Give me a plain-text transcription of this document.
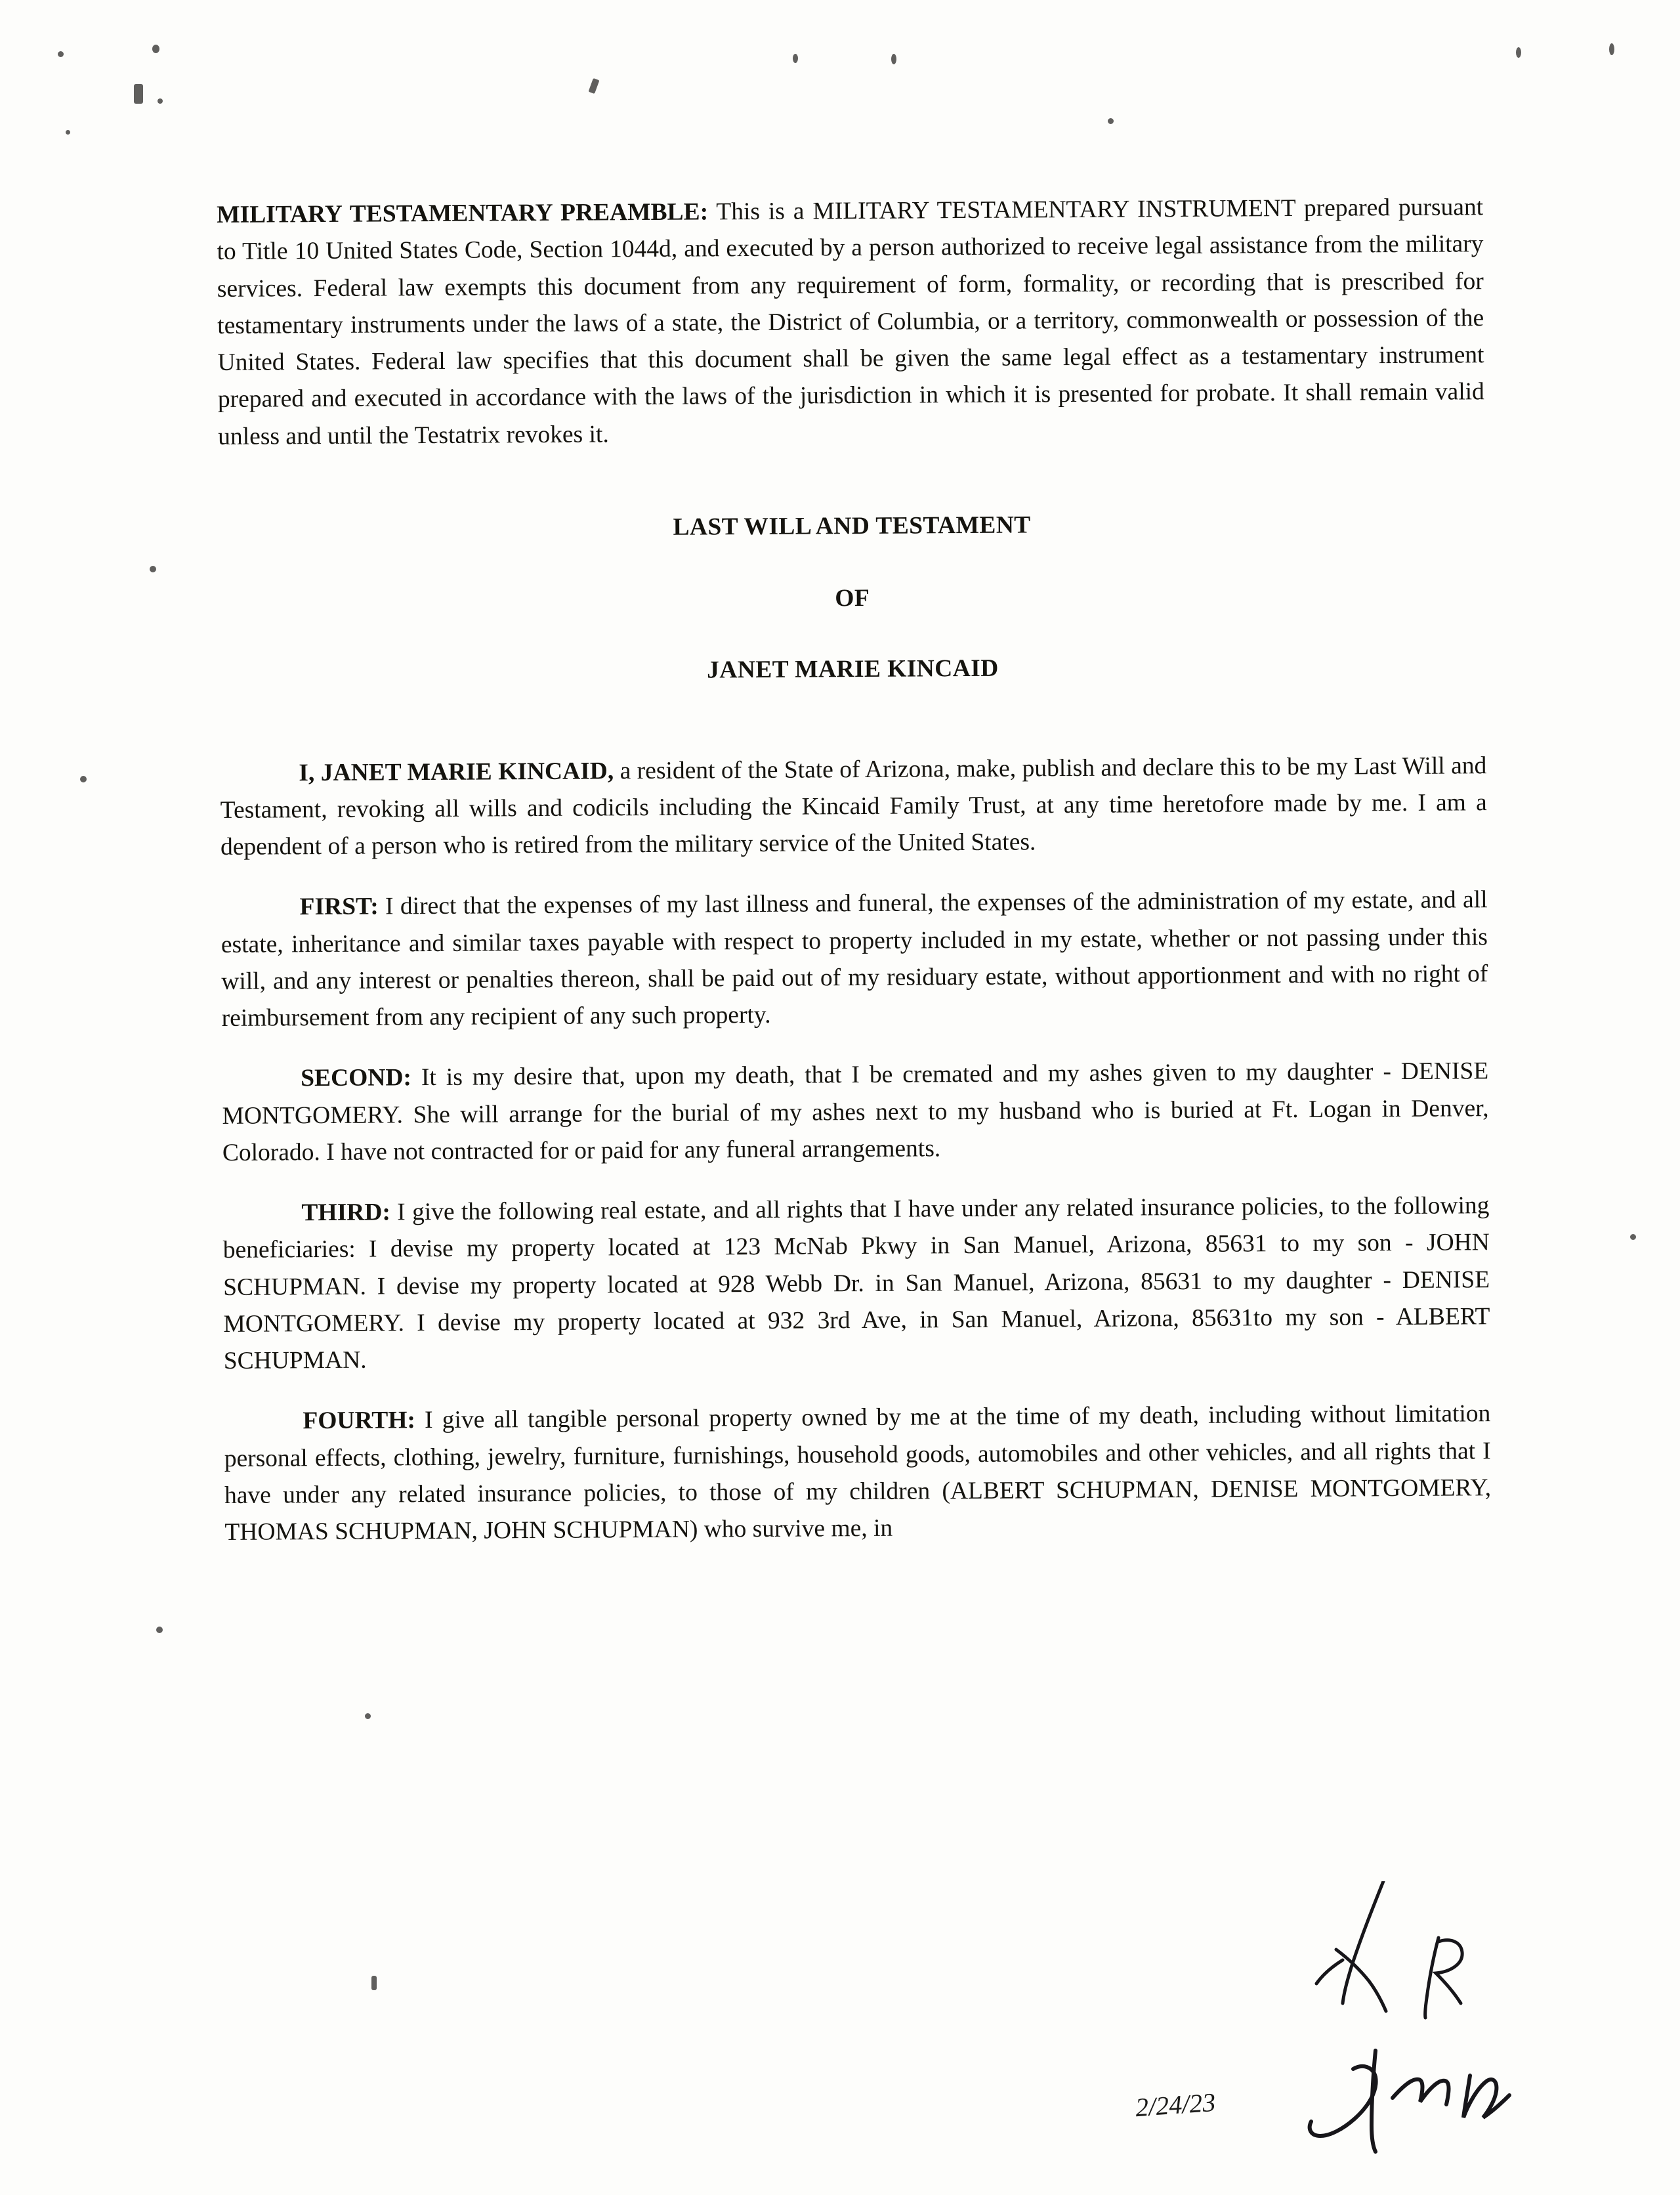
MILITARY TESTAMENTARY PREAMBLE: This is a MILITARY TESTAMENTARY INSTRUMENT prepared pursuant to Title 10 United States Code, Section 1044d, and executed by a person authorized to receive legal assistance from the military services. Federal law exempts this document from any requirement of form, formality, or recording that is prescribed for testamentary instruments under the laws of a state, the District of Columbia, or a territory, commonwealth or possession of the United States. Federal law specifies that this document shall be given the same legal effect as a testamentary instrument prepared and executed in accordance with the laws of the jurisdiction in which it is presented for probate. It shall remain valid unless and until the Testatrix revokes it.

LAST WILL AND TESTAMENT
OF
JANET MARIE KINCAID

I, JANET MARIE KINCAID, a resident of the State of Arizona, make, publish and declare this to be my Last Will and Testament, revoking all wills and codicils including the Kincaid Family Trust, at any time heretofore made by me. I am a dependent of a person who is retired from the military service of the United States.

FIRST: I direct that the expenses of my last illness and funeral, the expenses of the administration of my estate, and all estate, inheritance and similar taxes payable with respect to property included in my estate, whether or not passing under this will, and any interest or penalties thereon, shall be paid out of my residuary estate, without apportionment and with no right of reimbursement from any recipient of any such property.

SECOND: It is my desire that, upon my death, that I be cremated and my ashes given to my daughter - DENISE MONTGOMERY. She will arrange for the burial of my ashes next to my husband who is buried at Ft. Logan in Denver, Colorado. I have not contracted for or paid for any funeral arrangements.

THIRD: I give the following real estate, and all rights that I have under any related insurance policies, to the following beneficiaries: I devise my property located at 123 McNab Pkwy in San Manuel, Arizona, 85631 to my son - JOHN SCHUPMAN. I devise my property located at 928 Webb Dr. in San Manuel, Arizona, 85631 to my daughter - DENISE MONTGOMERY. I devise my property located at 932 3rd Ave, in San Manuel, Arizona, 85631to my son - ALBERT SCHUPMAN.

FOURTH: I give all tangible personal property owned by me at the time of my death, including without limitation personal effects, clothing, jewelry, furniture, furnishings, household goods, automobiles and other vehicles, and all rights that I have under any related insurance policies, to those of my children (ALBERT SCHUPMAN, DENISE MONTGOMERY, THOMAS SCHUPMAN, JOHN SCHUPMAN) who survive me, in

2/24/23
